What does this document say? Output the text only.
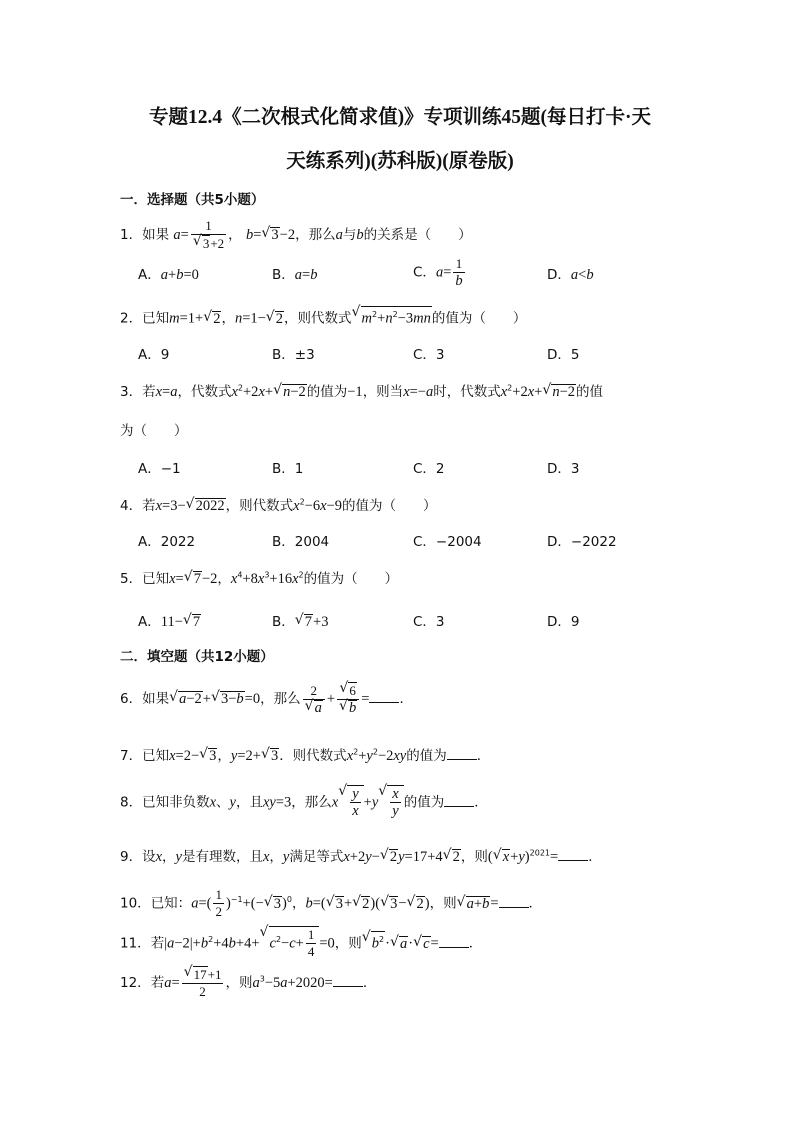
专题12.4《二次根式化简求值)》专项训练45题(每日打卡·天
天练系列)(苏科版)(原卷版)
一．选择题（共5小题）
1．如果 a= 1
√ 3+2 ， b=√ 3−2，那么a与b的关系是（　　）
A．a+b=0	B．a=b	C．$a= \frac{1}{b}$	D．a<b
2．已知m=1+√ 2，n=1−√ 2，则代数式√ $m^2+n^2-3mn$的值为（　　）
A．9	B．±3	C．3	D．5
3．若x=a，代数式$x^2+2x+√$ n−2的值为−1，则当x=−a时，代数式$x^2+2x+√$ n−2的值
为（　　）
A．−1	B．1	C．2	D．3
4．若x=3−√ 2022，则代数式$x^2-6x-9$的值为（　　）
A．2022	B．2004	C．−2004	D．−2022
5．已知x=√ 7−2，$x^4+8x^3+16x^2$的值为（　　）
A．11−√ 7	B．√ 7+3	C．3	D．9
二．填空题（共12小题）
6．如果√ a−2+√ 3−b=0，那么 2
√ a +
√ 6
√ b = ．
7．已知x=2−√ 3，y=2+√ 3．则代数式$x^2+y^2-2xy$的值为 ．
8．已知非负数x、y，且xy=3，那么x
√ $\frac{y}{x} +y$
√ $\frac{x}{y}$ 的值为 ．
9．设x，y是有理数，且x，y满足等式x+2y−√ 2y=17+4√ 2，则(√ x+y)$^{2021}$= ．
10．已知：$a=( \frac{1}{2} )^{-1}+(-√$ 3)$^0$，b=(√ 3+√ 2)(√ 3−√ 2)，则√ a+b= ．
11．若$|a-2|+b^2+4b+4+√$ $c^2-c+ \frac{1}{4} =0$，则√ $b^2\cdot√$ a·√ c= ．
12．若a=
√ $\frac{17+1}{2}$ ，则$a^3-5a+2020=$ ．
